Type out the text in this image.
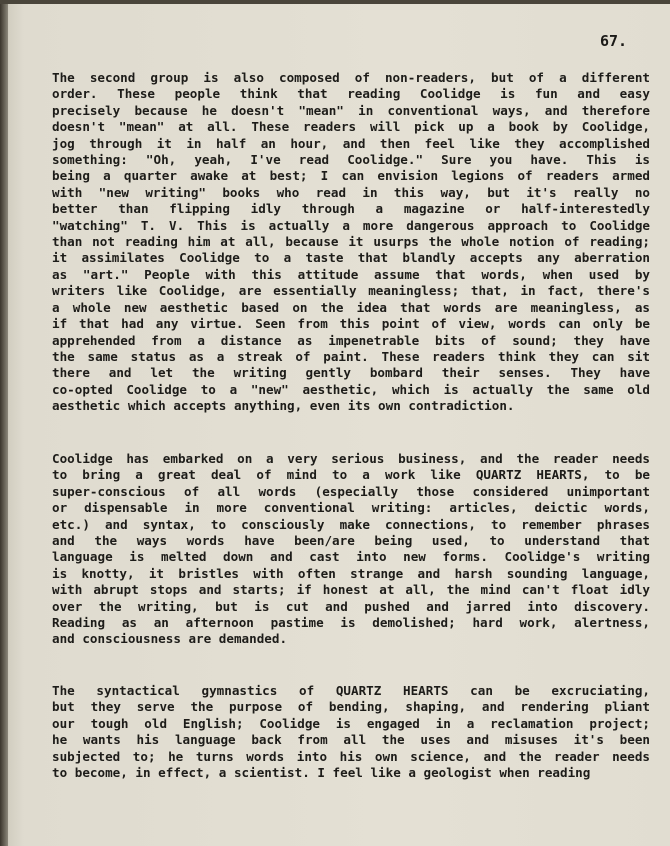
67.
The second group is also composed of non-readers, but of a different
order. These people think that reading Coolidge is fun and easy
precisely because he doesn't "mean" in conventional ways, and therefore
doesn't "mean" at all. These readers will pick up a book by Coolidge,
jog through it in half an hour, and then feel like they accomplished
something: "Oh, yeah, I've read Coolidge." Sure you have. This is
being a quarter awake at best; I can envision legions of readers armed
with "new writing" books who read in this way, but it's really no
better than flipping idly through a magazine or half-interestedly
"watching" T. V. This is actually a more dangerous approach to Coolidge
than not reading him at all, because it usurps the whole notion of reading;
it assimilates Coolidge to a taste that blandly accepts any aberration
as "art." People with this attitude assume that words, when used by
writers like Coolidge, are essentially meaningless; that, in fact, there's
a whole new aesthetic based on the idea that words are meaningless, as
if that had any virtue. Seen from this point of view, words can only be
apprehended from a distance as impenetrable bits of sound; they have
the same status as a streak of paint. These readers think they can sit
there and let the writing gently bombard their senses. They have
co-opted Coolidge to a "new" aesthetic, which is actually the same old
aesthetic which accepts anything, even its own contradiction.
Coolidge has embarked on a very serious business, and the reader needs
to bring a great deal of mind to a work like QUARTZ HEARTS, to be
super-conscious of all words (especially those considered unimportant
or dispensable in more conventional writing: articles, deictic words,
etc.) and syntax, to consciously make connections, to remember phrases
and the ways words have been/are being used, to understand that
language is melted down and cast into new forms. Coolidge's writing
is knotty, it bristles with often strange and harsh sounding language,
with abrupt stops and starts; if honest at all, the mind can't float idly
over the writing, but is cut and pushed and jarred into discovery.
Reading as an afternoon pastime is demolished; hard work, alertness,
and consciousness are demanded.
The syntactical gymnastics of QUARTZ HEARTS can be excruciating,
but they serve the purpose of bending, shaping, and rendering pliant
our tough old English; Coolidge is engaged in a reclamation project;
he wants his language back from all the uses and misuses it's been
subjected to; he turns words into his own science, and the reader needs
to become, in effect, a scientist. I feel like a geologist when reading
